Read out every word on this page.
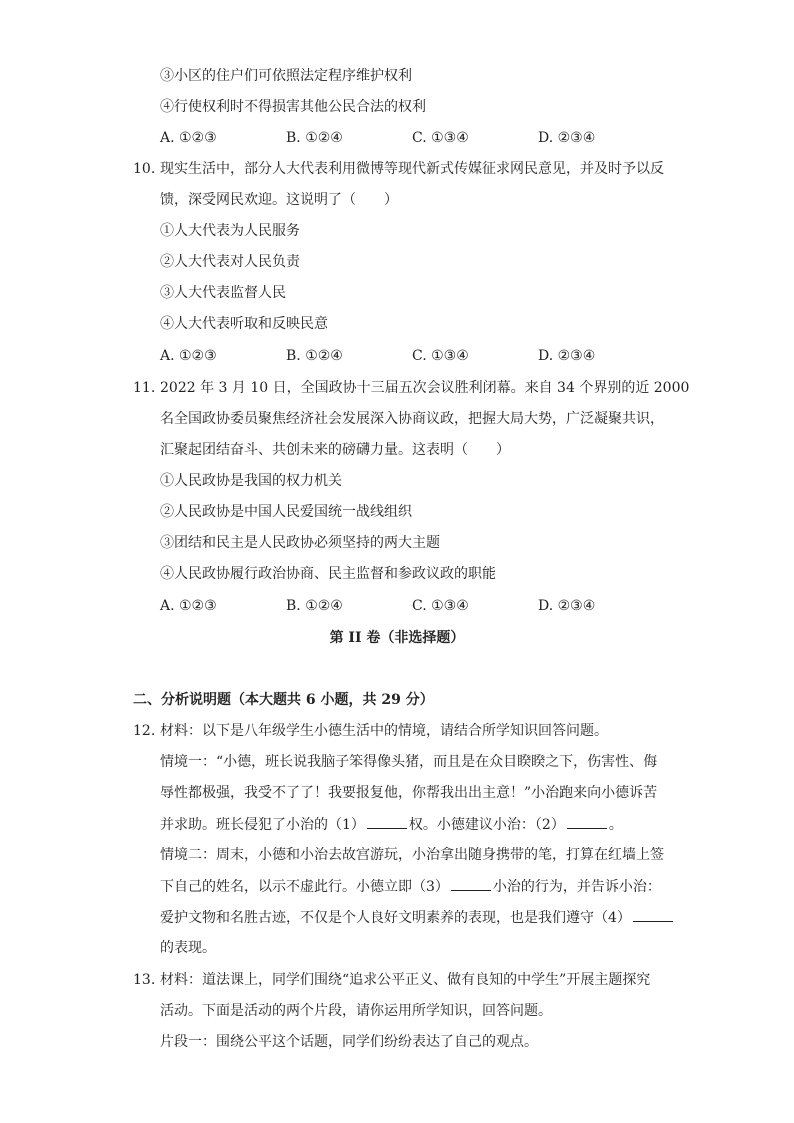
③小区的住户们可依照法定程序维护权利
④行使权利时不得损害其他公民合法的权利
A. ①②③	B. ①②④	C. ①③④	D. ②③④
10. 现实生活中，部分人大代表利用微博等现代新式传媒征求网民意见，并及时予以反
馈，深受网民欢迎。这说明了（　　）
①人大代表为人民服务
②人大代表对人民负责
③人大代表监督人民
④人大代表听取和反映民意
A. ①②③	B. ①②④	C. ①③④	D. ②③④
11. 2022 年 3 月 10 日，全国政协十三届五次会议胜利闭幕。来自 34 个界别的近 2000
名全国政协委员聚焦经济社会发展深入协商议政，把握大局大势，广泛凝聚共识，
汇聚起团结奋斗、共创未来的磅礴力量。这表明（　　）
①人民政协是我国的权力机关
②人民政协是中国人民爱国统一战线组织
③团结和民主是人民政协必须坚持的两大主题
④人民政协履行政治协商、民主监督和参政议政的职能
A. ①②③	B. ①②④	C. ①③④	D. ②③④
第 II 卷（非选择题）
二、分析说明题（本大题共 6 小题，共 29 分）
12. 材料：以下是八年级学生小德生活中的情境，请结合所学知识回答问题。
情境一：“小德，班长说我脑子笨得像头猪，而且是在众目睽睽之下，伤害性、侮
辱性都极强，我受不了了！我要报复他，你帮我出出主意！”小治跑来向小德诉苦
并求助。班长侵犯了小治的（1）	权。小德建议小治：（2）	。
情境二：周末，小德和小治去故宫游玩，小治拿出随身携带的笔，打算在红墙上签
下自己的姓名，以示不虚此行。小德立即（3）	小治的行为，并告诉小治：
爱护文物和名胜古迹，不仅是个人良好文明素养的表现，也是我们遵守（4）
的表现。
13. 材料：道法课上，同学们围绕“追求公平正义、做有良知的中学生”开展主题探究
活动。下面是活动的两个片段，请你运用所学知识，回答问题。
片段一：围绕公平这个话题，同学们纷纷表达了自己的观点。
